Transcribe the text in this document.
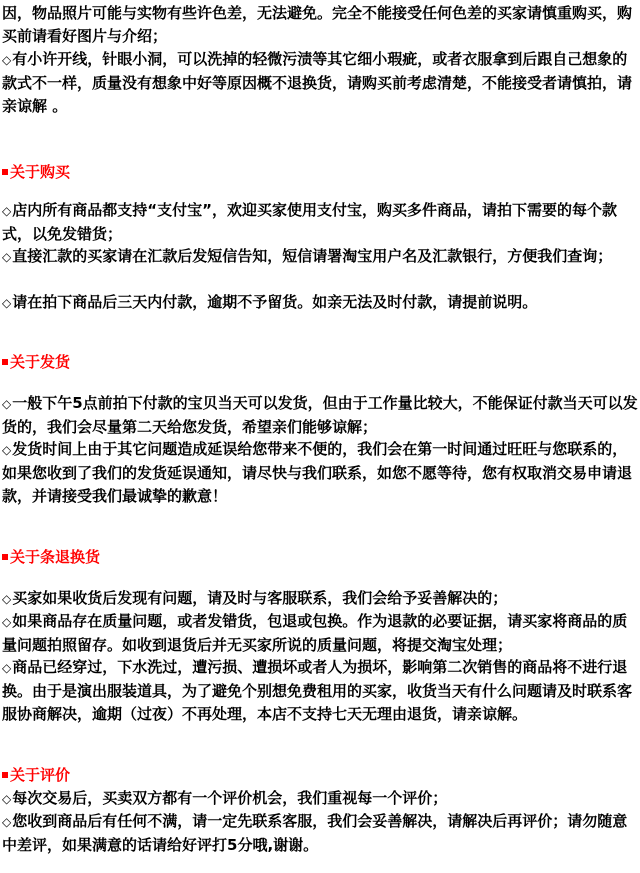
因，物品照片可能与实物有些许色差，无法避免。完全不能接受任何色差的买家请慎重购买，购买前请看好图片与介绍；

◇有小许开线，针眼小洞，可以洗掉的轻微污渍等其它细小瑕疵，或者衣服拿到后跟自己想象的款式不一样，质量没有想象中好等原因概不退换货，请购买前考虑清楚，不能接受者请慎拍，请亲谅解 。

关于购买

◇店内所有商品都支持“支付宝”，欢迎买家使用支付宝，购买多件商品，请拍下需要的每个款式，以免发错货；

◇直接汇款的买家请在汇款后发短信告知，短信请署淘宝用户名及汇款银行，方便我们查询；

◇请在拍下商品后三天内付款，逾期不予留货。如亲无法及时付款，请提前说明。

关于发货

◇一般下午5点前拍下付款的宝贝当天可以发货，但由于工作量比较大，不能保证付款当天可以发货的，我们会尽量第二天给您发货，希望亲们能够谅解；

◇发货时间上由于其它问题造成延误给您带来不便的，我们会在第一时间通过旺旺与您联系的，如果您收到了我们的发货延误通知，请尽快与我们联系，如您不愿等待，您有权取消交易申请退款，并请接受我们最诚挚的歉意！

关于条退换货

◇买家如果收货后发现有问题，请及时与客服联系，我们会给予妥善解决的；

◇如果商品存在质量问题，或者发错货，包退或包换。作为退款的必要证据，请买家将商品的质量问题拍照留存。如收到退货后并无买家所说的质量问题，将提交淘宝处理；

◇商品已经穿过，下水洗过，遭污损、遭损坏或者人为损坏，影响第二次销售的商品将不进行退换。由于是演出服装道具，为了避免个别想免费租用的买家，收货当天有什么问题请及时联系客服协商解决，逾期（过夜）不再处理，本店不支持七天无理由退货，请亲谅解。

关于评价

◇每次交易后，买卖双方都有一个评价机会，我们重视每一个评价；

◇您收到商品后有任何不满，请一定先联系客服，我们会妥善解决，请解决后再评价；请勿随意中差评，如果满意的话请给好评打5分哦,谢谢。
